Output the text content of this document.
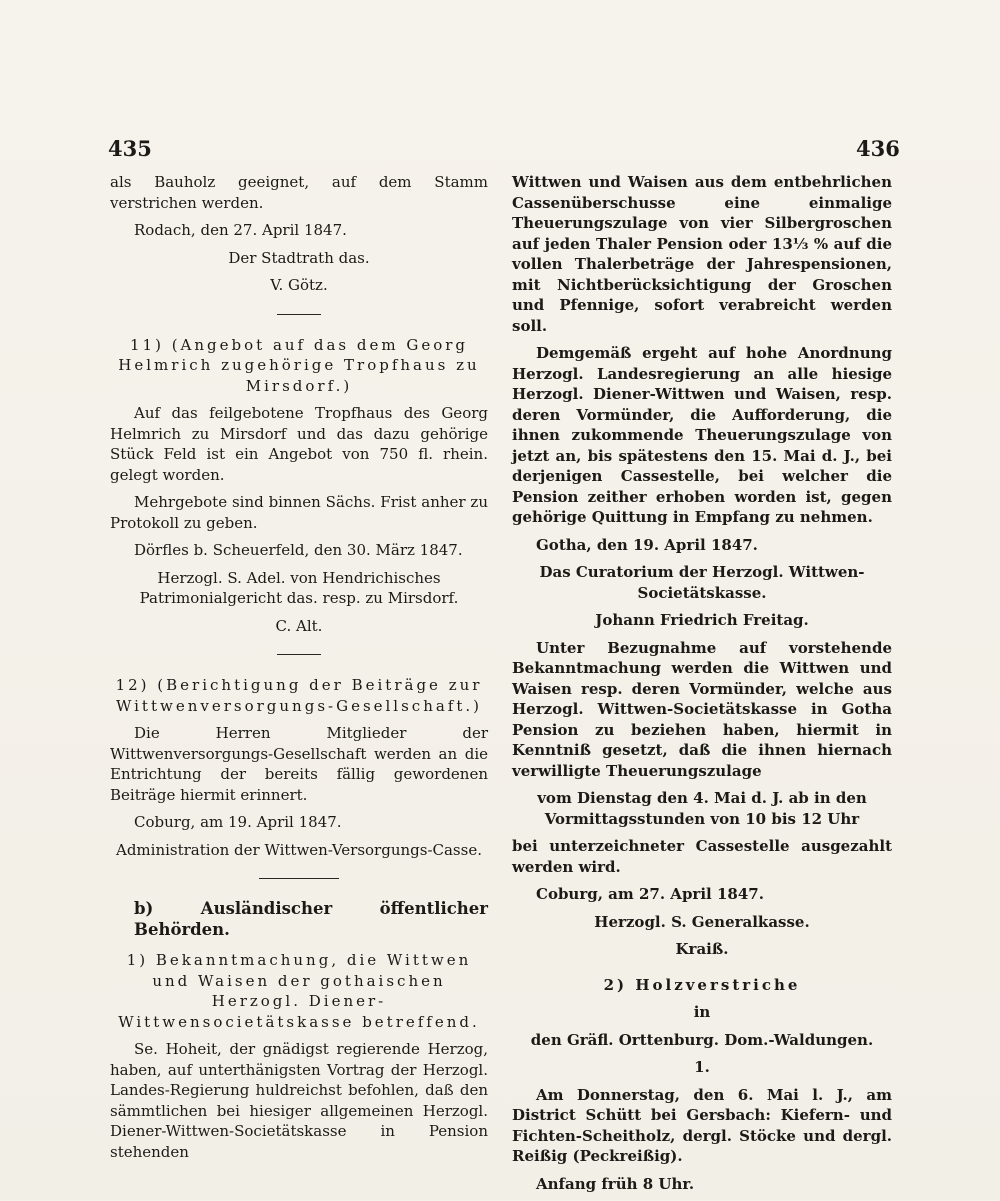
435	436

als Bauholz geeignet, auf dem Stamm verstrichen werden.

Rodach, den 27. April 1847.

Der Stadtrath das.

V. Götz.

11) (Angebot auf das dem Georg Helmrich zugehörige Tropfhaus zu Mirsdorf.)

Auf das feilgebotene Tropfhaus des Georg Helmrich zu Mirsdorf und das dazu gehörige Stück Feld ist ein Angebot von 750 fl. rhein. gelegt worden.

Mehrgebote sind binnen Sächs. Frist anher zu Protokoll zu geben.

Dörfles b. Scheuerfeld, den 30. März 1847.

Herzogl. S. Adel. von Hendrichisches Patrimonialgericht das. resp. zu Mirsdorf.

C. Alt.

12) (Berichtigung der Beiträge zur Wittwenversorgungs-Gesellschaft.)

Die Herren Mitglieder der Wittwenversorgungs-Gesellschaft werden an die Entrichtung der bereits fällig gewordenen Beiträge hiermit erinnert.

Coburg, am 19. April 1847.

Administration der Wittwen-Versorgungs-Casse.

b) Ausländischer öffentlicher Behörden.

1) Bekanntmachung, die Wittwen und Waisen der gothaischen Herzogl. Diener-Wittwensocietätskasse betreffend.

Se. Hoheit, der gnädigst regierende Herzog, haben, auf unterthänigsten Vortrag der Herzogl. Landes-Regierung huldreichst befohlen, daß den sämmtlichen bei hiesiger allgemeinen Herzogl. Diener-Wittwen-Societätskasse in Pension stehenden

Wittwen und Waisen aus dem entbehrlichen Cassenüberschusse eine einmalige Theuerungszulage von vier Silbergroschen auf jeden Thaler Pension oder 13⅓ % auf die vollen Thalerbeträge der Jahrespensionen, mit Nichtberücksichtigung der Groschen und Pfennige, sofort verabreicht werden soll.

Demgemäß ergeht auf hohe Anordnung Herzogl. Landesregierung an alle hiesige Herzogl. Diener-Wittwen und Waisen, resp. deren Vormünder, die Aufforderung, die ihnen zukommende Theuerungszulage von jetzt an, bis spätestens den 15. Mai d. J., bei derjenigen Cassestelle, bei welcher die Pension zeither erhoben worden ist, gegen gehörige Quittung in Empfang zu nehmen.

Gotha, den 19. April 1847.

Das Curatorium der Herzogl. Wittwen-Societätskasse.

Johann Friedrich Freitag.

Unter Bezugnahme auf vorstehende Bekanntmachung werden die Wittwen und Waisen resp. deren Vormünder, welche aus Herzogl. Wittwen-Societätskasse in Gotha Pension zu beziehen haben, hiermit in Kenntniß gesetzt, daß die ihnen hiernach verwilligte Theuerungszulage

vom Dienstag den 4. Mai d. J. ab in den Vormittagsstunden von 10 bis 12 Uhr

bei unterzeichneter Cassestelle ausgezahlt werden wird.

Coburg, am 27. April 1847.

Herzogl. S. Generalkasse.

Kraiß.

2) Holzverstriche

in

den Gräfl. Orttenburg. Dom.-Waldungen.

1.

Am Donnerstag, den 6. Mai l. J., am District Schütt bei Gersbach: Kiefern- und Fichten-Scheitholz, dergl. Stöcke und dergl. Reißig (Peckreißig).

Anfang früh 8 Uhr.
